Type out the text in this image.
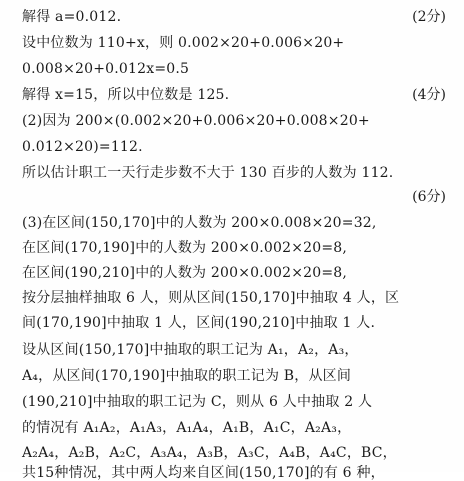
解得 a=0.012.	(2分)
设中位数为 110+x，则 0.002×20+0.006×20+
0.008×20+0.012x=0.5
解得 x=15，所以中位数是 125.	(4分)
(2)因为 200×(0.002×20+0.006×20+0.008×20+
0.012×20)=112.
所以估计职工一天行走步数不大于 130 百步的人数为 112.
(6分)
(3)在区间(150,170]中的人数为 200×0.008×20=32,
在区间(170,190]中的人数为 200×0.002×20=8,
在区间(190,210]中的人数为 200×0.002×20=8,
按分层抽样抽取 6 人，则从区间(150,170]中抽取 4 人，区
间(170,190]中抽取 1 人，区间(190,210]中抽取 1 人.
设从区间(150,170]中抽取的职工记为 A₁，A₂，A₃，
A₄，从区间(170,190]中抽取的职工记为 B，从区间
(190,210]中抽取的职工记为 C，则从 6 人中抽取 2 人
的情况有 A₁A₂，A₁A₃，A₁A₄，A₁B，A₁C，A₂A₃，
A₂A₄，A₂B，A₂C，A₃A₄，A₃B，A₃C，A₄B，A₄C，BC，
共15种情况，其中两人均来自区间(150,170]的有 6 种，
